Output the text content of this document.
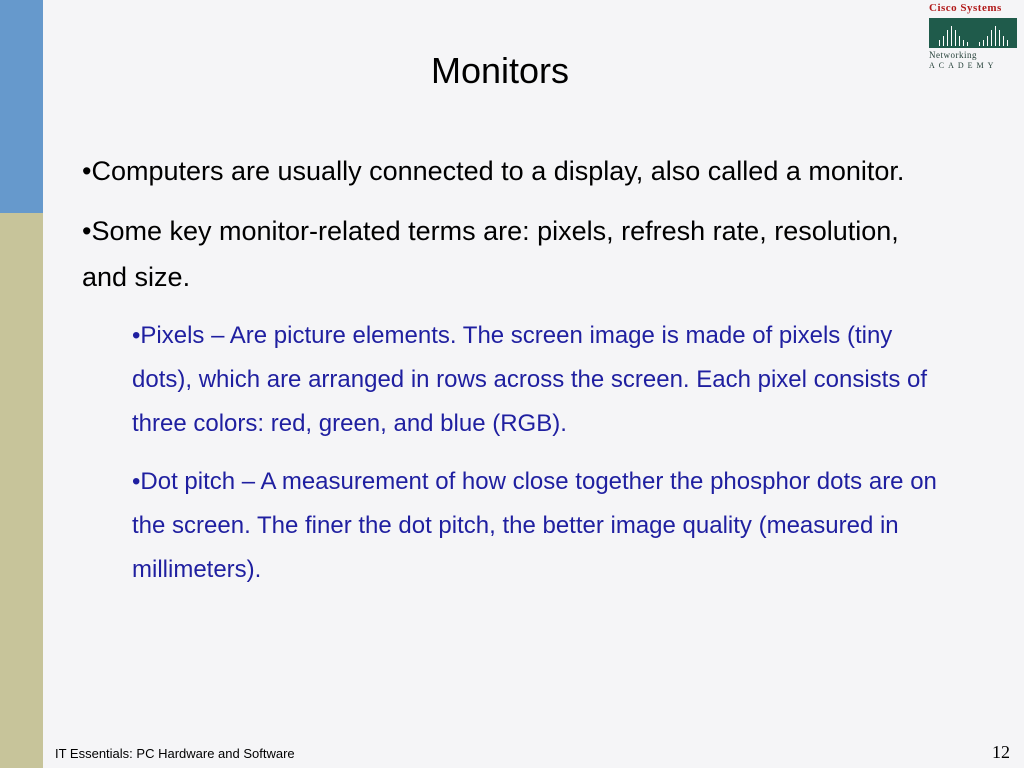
Cisco Systems
Networking
ACADEMY
Monitors

•Computers are usually connected to a display, also called a monitor.

•Some key monitor-related terms are: pixels, refresh rate, resolution, and size.

•Pixels – Are picture elements. The screen image is made of pixels (tiny dots), which are arranged in rows across the screen. Each pixel consists of three colors: red, green, and blue (RGB).

•Dot pitch – A measurement of how close together the phosphor dots are on the screen. The finer the dot pitch, the better image quality (measured in millimeters).

IT Essentials: PC Hardware and Software	12
